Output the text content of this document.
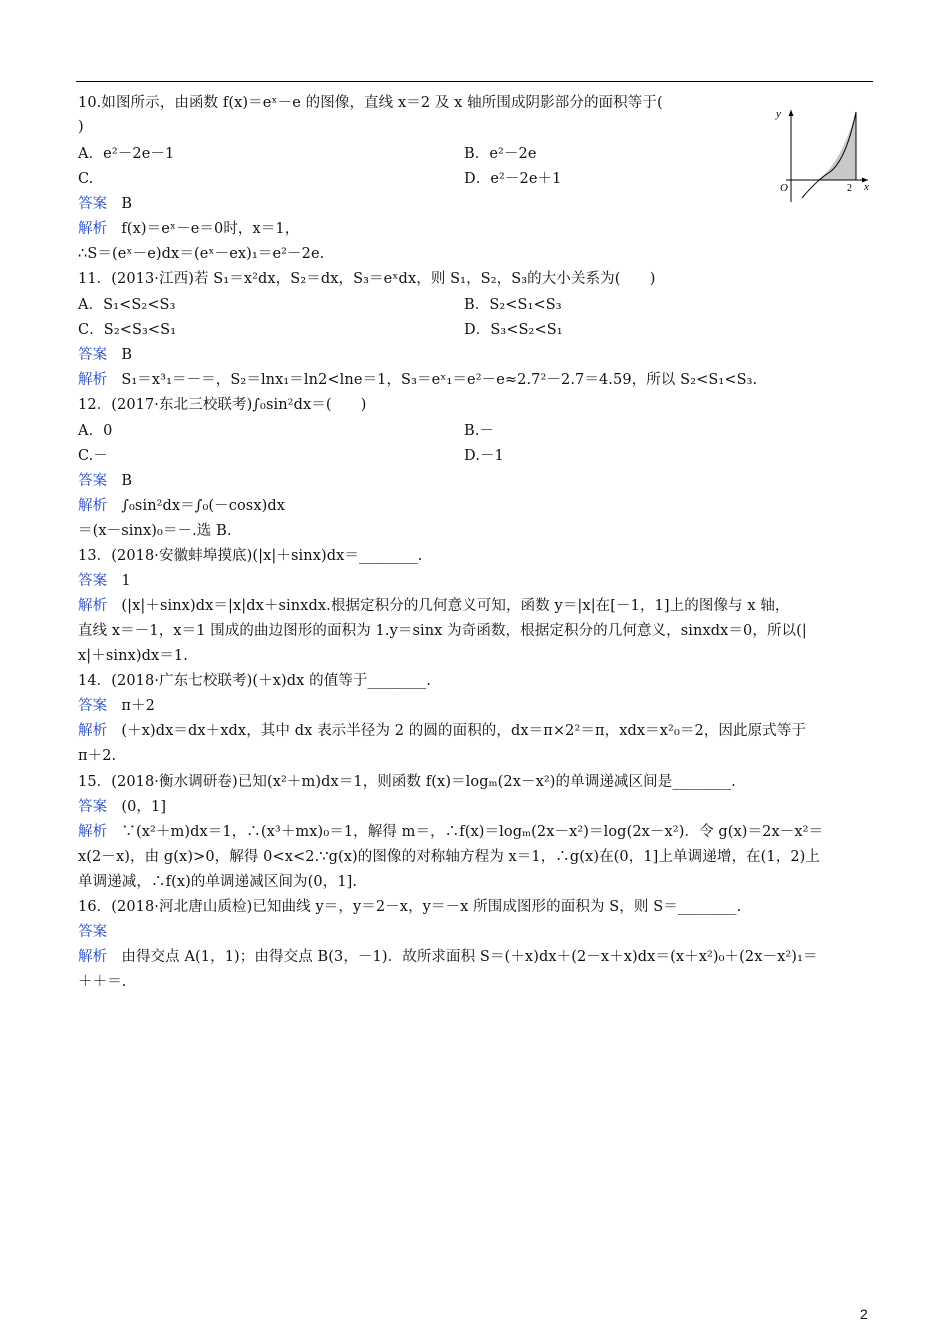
10.如图所示，由函数 f(x)＝eˣ－e 的图像，直线 x＝2 及 x 轴所围成阴影部分的面积等于(
)
A．e²－2e－1	B．e²－2e
C.	D．e²－2e＋1
答案 B
解析 f(x)＝eˣ－e＝0时，x＝1，
∴S＝(eˣ－e)dx＝(eˣ－ex)₁＝e²－2e.
y
x
O	2
11．(2013·江西)若 S₁＝x²dx，S₂＝dx，S₃＝eˣdx，则 S₁，S₂，S₃的大小关系为(　　)
A．S₁<S₂<S₃	B．S₂<S₁<S₃
C．S₂<S₃<S₁	D．S₃<S₂<S₁
答案 B
解析 S₁＝x³₁＝－＝，S₂＝lnx₁＝ln2<lne＝1，S₃＝eˣ₁＝e²－e≈2.7²－2.7＝4.59，所以 S₂<S₁<S₃.
12．(2017·东北三校联考)∫₀sin²dx＝(　　)
A．0	B.－
C.－	D.－1
答案 B
解析 ∫₀sin²dx＝∫₀(－cosx)dx
＝(x－sinx)₀＝－.选 B.
13．(2018·安徽蚌埠摸底)(|x|＋sinx)dx＝________.
答案 1
解析 (|x|＋sinx)dx＝|x|dx＋sinxdx.根据定积分的几何意义可知，函数 y＝|x|在[－1，1]上的图像与 x 轴，
直线 x＝－1，x＝1 围成的曲边图形的面积为 1.y＝sinx 为奇函数，根据定积分的几何意义，sinxdx＝0，所以(|
x|＋sinx)dx＝1.
14．(2018·广东七校联考)(＋x)dx 的值等于________.
答案 π＋2
解析 (＋x)dx＝dx＋xdx，其中 dx 表示半径为 2 的圆的面积的，dx＝π×2²＝π，xdx＝x²₀＝2，因此原式等于
π＋2.
15．(2018·衡水调研卷)已知(x²＋m)dx＝1，则函数 f(x)＝logₘ(2x－x²)的单调递减区间是________.
答案 (0，1]
解析 ∵(x²＋m)dx＝1，∴(x³＋mx)₀＝1，解得 m＝，∴f(x)＝logₘ(2x－x²)＝log(2x－x²)．令 g(x)＝2x－x²＝
x(2－x)，由 g(x)>0，解得 0<x<2.∵g(x)的图像的对称轴方程为 x＝1，∴g(x)在(0，1]上单调递增，在(1，2)上
单调递减，∴f(x)的单调递减区间为(0，1].
16．(2018·河北唐山质检)已知曲线 y＝，y＝2－x，y＝－x 所围成图形的面积为 S，则 S＝________.
答案
解析 由得交点 A(1，1)；由得交点 B(3，－1)．故所求面积 S＝(＋x)dx＋(2－x＋x)dx＝(x＋x²)₀＋(2x－x²)₁＝
＋＋＝.
2
